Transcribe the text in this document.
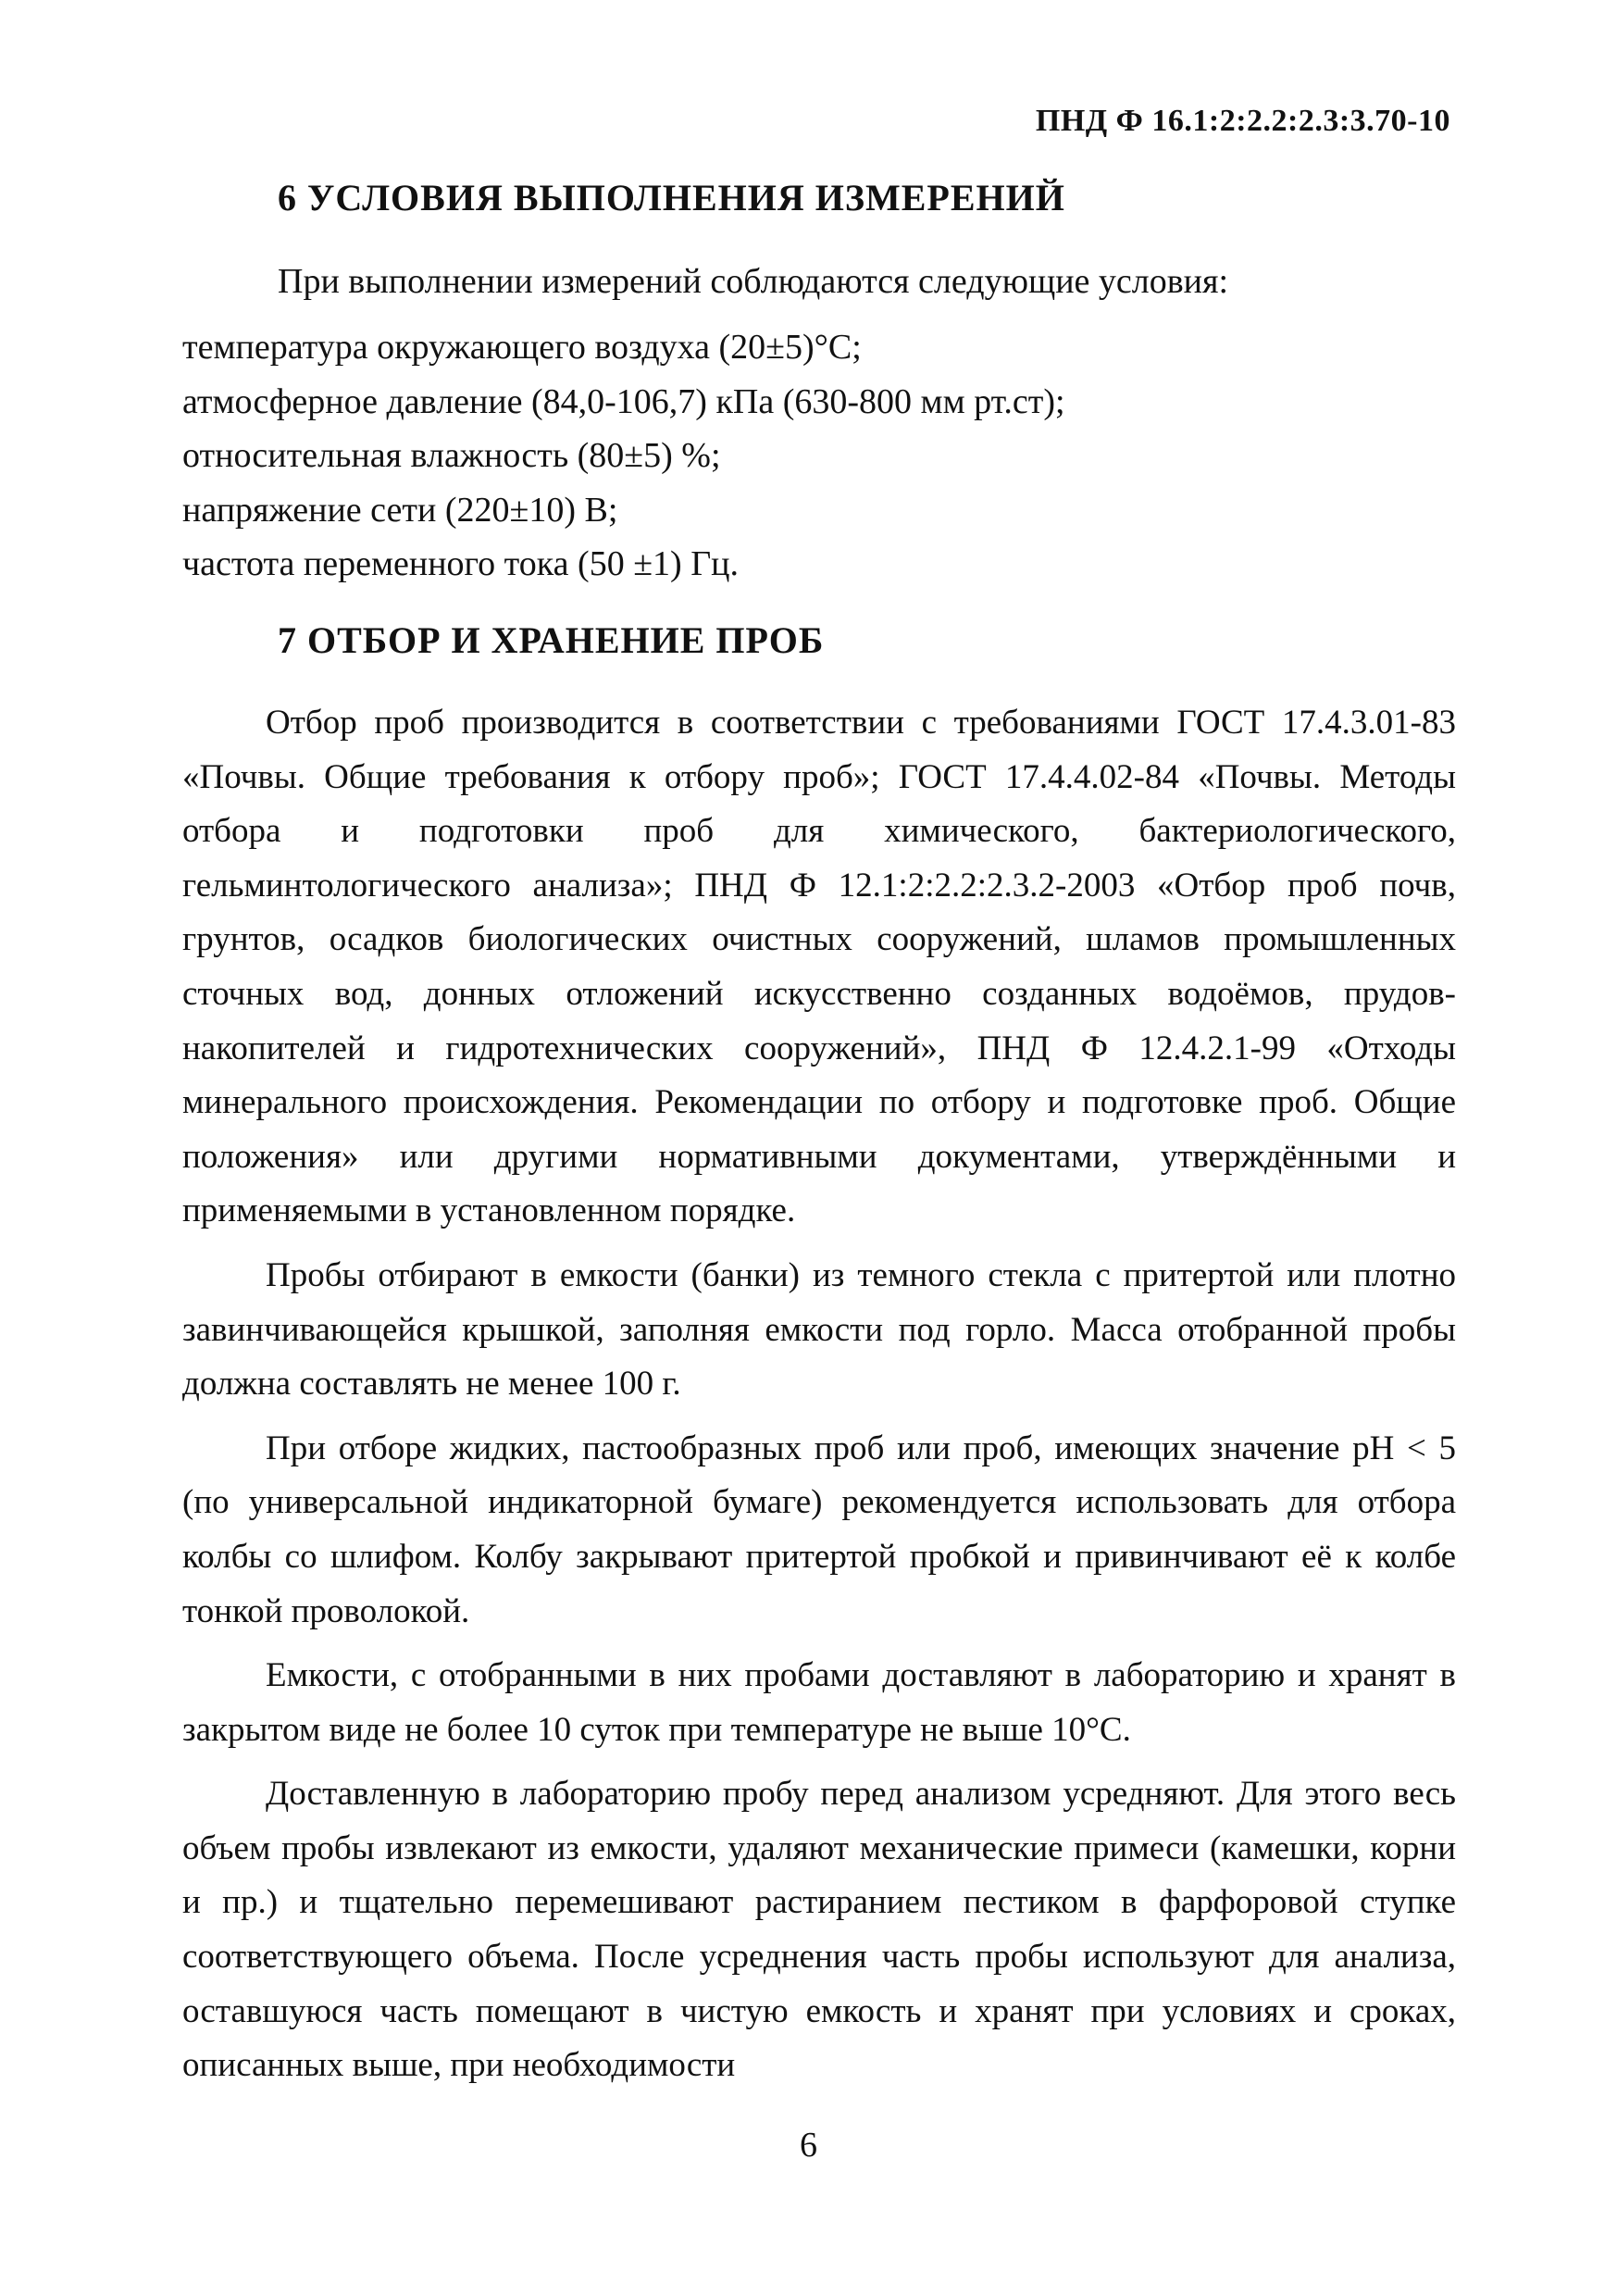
ПНД Ф 16.1:2:2.2:2.3:3.70-10
6 УСЛОВИЯ ВЫПОЛНЕНИЯ ИЗМЕРЕНИЙ
При выполнении измерений соблюдаются следующие условия:
температура окружающего воздуха (20±5)°С;
атмосферное давление (84,0-106,7) кПа (630-800 мм рт.ст);
относительная влажность (80±5) %;
напряжение сети (220±10) В;
частота переменного тока (50 ±1) Гц.
7 ОТБОР И ХРАНЕНИЕ ПРОБ

Отбор проб производится в соответствии с требованиями ГОСТ 17.4.3.01-83 «Почвы. Общие требования к отбору проб»; ГОСТ 17.4.4.02-84 «Почвы. Методы отбора и подготовки проб для химического, бактериологического, гельминтологического анализа»; ПНД Ф 12.1:2:2.2:2.3.2-2003 «Отбор проб почв, грунтов, осадков биологических очистных сооружений, шламов промышленных сточных вод, донных отложений искусственно созданных водоёмов, прудов-накопителей и гидротехнических сооружений», ПНД Ф 12.4.2.1-99 «Отходы минерального происхождения. Рекомендации по отбору и подготовке проб. Общие положения» или другими нормативными документами, утверждёнными и применяемыми в установленном порядке.

Пробы отбирают в емкости (банки) из темного стекла с притертой или плотно завинчивающейся крышкой, заполняя емкости под горло. Масса отобранной пробы должна составлять не менее 100 г.

При отборе жидких, пастообразных проб или проб, имеющих значение pH < 5 (по универсальной индикаторной бумаге) рекомендуется использовать для отбора колбы со шлифом. Колбу закрывают притертой пробкой и привинчивают её к колбе тонкой проволокой.

Емкости, с отобранными в них пробами доставляют в лабораторию и хранят в закрытом виде не более 10 суток при температуре не выше 10°С.

Доставленную в лабораторию пробу перед анализом усредняют. Для этого весь объем пробы извлекают из емкости, удаляют механические примеси (камешки, корни и пр.) и тщательно перемешивают растиранием пестиком в фарфоровой ступке соответствующего объема. После усреднения часть пробы используют для анализа, оставшуюся часть помещают в чистую емкость и хранят при условиях и сроках, описанных выше, при необходимости

6
